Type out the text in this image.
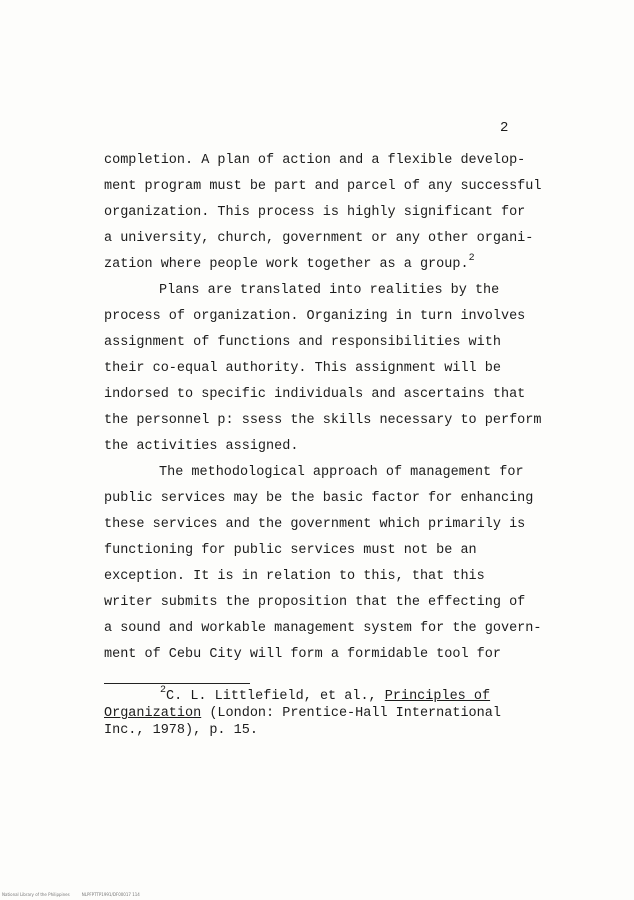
2
completion. A plan of action and a flexible develop-
ment program must be part and parcel of any successful
organization. This process is highly significant for
a university, church, government or any other organi-
zation where people work together as a group.$^2$
Plans are translated into realities by the
process of organization. Organizing in turn involves
assignment of functions and responsibilities with
their co-equal authority. This assignment will be
indorsed to specific individuals and ascertains that
the personnel p: ssess the skills necessary to perform
the activities assigned.
The methodological approach of management for
public services may be the basic factor for enhancing
these services and the government which primarily is
functioning for public services must not be an
exception. It is in relation to this, that this
writer submits the proposition that the effecting of
a sound and workable management system for the govern-
ment of Cebu City will form a formidable tool for
$^2$C. L. Littlefield, et al., Principles of
Organization (London: Prentice-Hall International
Inc., 1978), p. 15.
National Library of the Philippines	NLPFPTTP1991/DF00017 114
